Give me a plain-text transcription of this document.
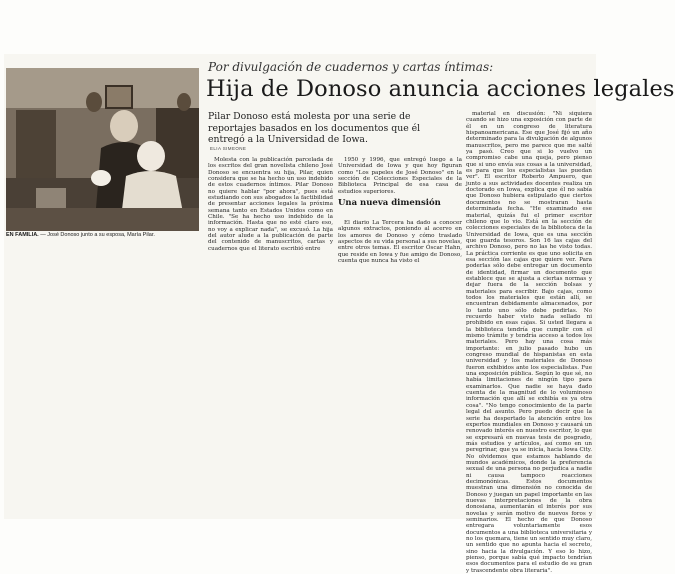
EN FAMILIA. — José Donoso junto a su esposa, María Pilar.
Por divulgación de cuadernos y cartas íntimas:
Hija de Donoso anuncia acciones legales
Pilar Donoso está molesta por una serie de reportajes basados en los documentos que él entregó a la Universidad de Iowa.
ELIA SIMEONE

Molesta con la publicación parcelada de los escritos del gran novelista chileno José Donoso se encuentra su hija, Pilar, quien considera que se ha hecho un uso indebido de estos cuadernos íntimos. Pilar Donoso no quiere hablar "por ahora", pues está estudiando con sus abogados la factibilidad de presentar acciones legales la próxima semana tanto en Estados Unidos como en Chile. "Se ha hecho uso indebido de la información. Hasta que no esté claro eso, no voy a explicar nada", se excusó. La hija del autor alude a la publicación de parte del contenido de manuscritos, cartas y cuadernos que el literato escribió entre

1950 y 1996, que entregó luego a la Universidad de Iowa y que hoy figuran como "Los papeles de José Donoso" en la sección de Colecciones Especiales de la Biblioteca Principal de esa casa de estudios superiores.

Una nueva dimensión

El diario La Tercera ha dado a conocer algunos extractos, poniendo al acervo en los amores de Donoso y cómo traslado aspectos de su vida personal a sus novelas, entre otros temas. El escritor Óscar Hahn, que reside en Iowa y fue amigo de Donoso, cuenta que nunca ha visto el

material en discusión: "Ni siquiera cuando se hizo una exposición con parte de él en un congreso de literatura hispanoamericana. Ese que José fijó un año determinado para la divulgación de algunos manuscritos, pero me parece que me salté ya pasó. Creo que si lo vuelvo un compromiso cabe una queja, pero pienso que si uno envía sus cosas a la universidad, es para que los especialistas las puedan ver". El escritor Roberto Ampuero, que junto a sus actividades docentes realiza un doctorado en Iowa, explica que él no sabía que Donoso hubiera estipulado que ciertos documentos no se mostraran hasta determinada fecha. "He examinado ese material, quizás fui el primer escritor chileno que lo vio. Está en la sección de colecciones especiales de la biblioteca de la Universidad de Iowa, que es una sección que guarda tesoros. Son 16 las cajas del archivo Donoso, pero no las he visto todas. La práctica corriente es que uno solicita en esa sección las cajas que quiere ver. Para poderlas sólo debe entregar un documento de identidad, firmar un documento que establece que se ajusta a ciertas normas y dejar fuera de la sección bolsas y materiales para escribir. Bajo cajas, como todos los materiales que están allí, se encuentran debidamente almacenados, por lo tanto uno sólo debe pedirlas. No recuerdo haber visto nada sellado ni prohibido en esas cajas. Si usted llegara a la biblioteca tendría que cumplir con el mismo trámite y tendría acceso a todos los materiales. Pero hay una cosa más importante: en julio pasado hubo un congreso mundial de hispanistas en esta universidad y los materiales de Donoso fueron exhibidos ante los especialistas. Fue una exposición pública. Según lo que sé, no había limitaciones de ningún tipo para examinarlos. Que nadie se haya dado cuenta de la magnitud de lo voluminoso información que allí se exhibía es ya otra cosa". "No tengo conocimiento de la parte legal del asunto. Pero puedo decir que la serie ha despertado la atención entre los expertos mundiales en Donoso y causará un renovado interés en nuestro escritor, lo que se expresará en nuevas tesis de posgrado, más estudios y artículos, así como en un peregrinar, que ya se inicia, hacia Iowa City. No olvidemos que estamos hablando de mundos académicos, donde la preferencia sexual de una persona no perjudica a nadie ni causa tampoco reacciones decimonónicas. Estos documentos muestran una dimensión no conocida de Donoso y juegan un papel importante en las nuevas interpretaciones de la obra donosiana, aumentarán el interés por sus novelas y serán motivo de nuevos foros y seminarios. El hecho de que Donoso entregara voluntariamente esos documentos a una biblioteca universitaria y no los quemara, tiene un sentido muy claro, un sentido que no apunta hacia el secreto, sino hacia la divulgación. Y eso lo hizo, pienso, porque sabía qué impacto tendrían esos documentos para el estudio de su gran y trascendente obra literaria".
